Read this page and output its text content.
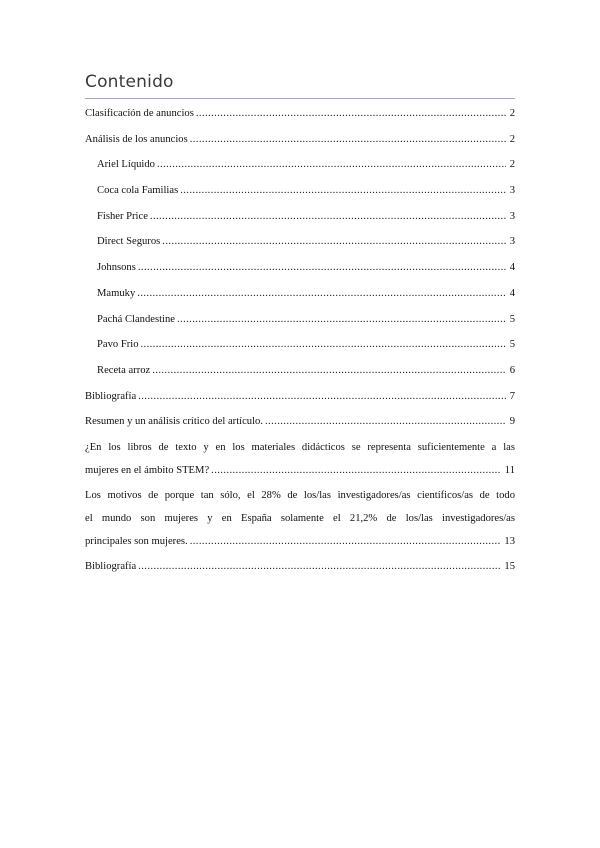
Contenido
Clasificación de anuncios .....	2
Análisis de los anuncios .....	2
Ariel Líquido .....	2
Coca cola Familias .....	3
Fisher Price .....	3
Direct Seguros .....	3
Johnsons .....	4
Mamuky .....	4
Pachá Clandestine .....	5
Pavo Frio .....	5
Receta arroz .....	6
Bibliografía .....	7
Resumen y un análisis crítico del artículo. .....	9
¿En los libros de texto y en los materiales didácticos se representa suficientemente a las
mujeres en el ámbito STEM? .....	11
Los motivos de porque tan sólo, el 28% de los/las investigadores/as científicos/as de todo
el mundo son mujeres y en España solamente el 21,2% de los/las investigadores/as
principales son mujeres. .....	13
Bibliografía .....	15
